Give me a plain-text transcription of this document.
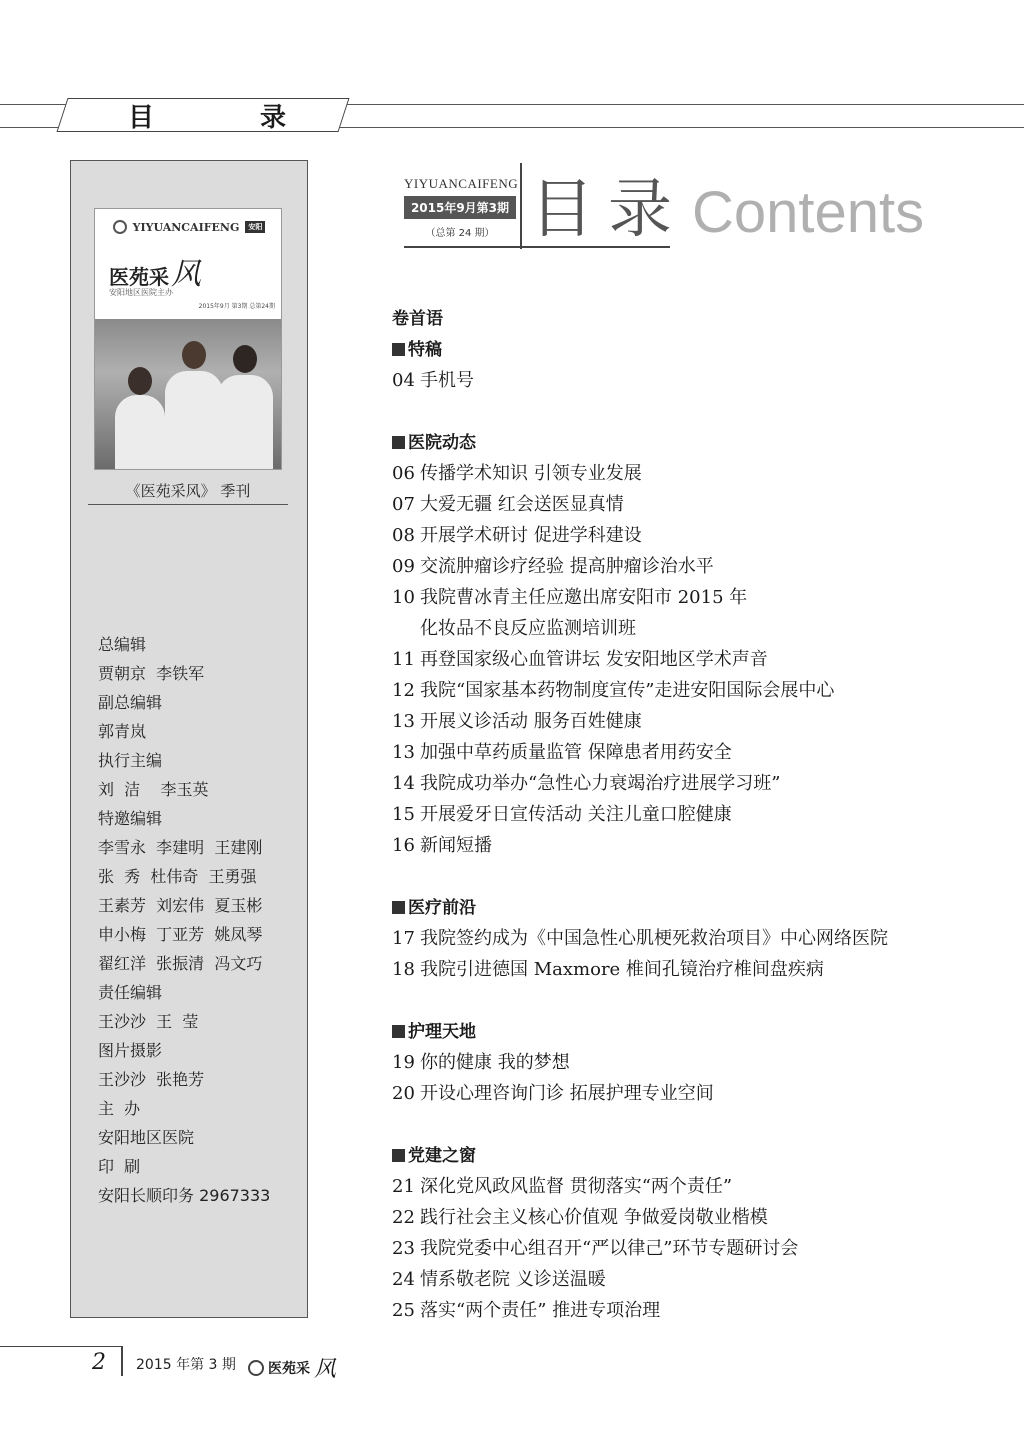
目	录
YIYUANCAIFENG	安阳
医苑采风
安阳地区医院主办
2015年9月 第3期 总第24期
《医苑采风》 季刊
总编辑
贾朝京  李铁军
副总编辑
郭青岚
执行主编
刘  洁    李玉英
特邀编辑
李雪永  李建明  王建刚
张  秀  杜伟奇  王勇强
王素芳  刘宏伟  夏玉彬
申小梅  丁亚芳  姚凤琴
翟红洋  张振清  冯文巧
责任编辑
王沙沙  王  莹
图片摄影
王沙沙  张艳芳
主  办
安阳地区医院
印  刷
安阳长顺印务 2967333
YIYUANCAIFENG
2015年9月第3期
（总第 24 期） 目录 Contents
卷首语
特稿
04 手机号
医院动态
06 传播学术知识 引领专业发展
07 大爱无疆 红会送医显真情
08 开展学术研讨 促进学科建设
09 交流肿瘤诊疗经验 提高肿瘤诊治水平
10 我院曹冰青主任应邀出席安阳市 2015 年
化妆品不良反应监测培训班
11 再登国家级心血管讲坛 发安阳地区学术声音
12 我院“国家基本药物制度宣传”走进安阳国际会展中心
13 开展义诊活动 服务百姓健康
13 加强中草药质量监管 保障患者用药安全
14 我院成功举办“急性心力衰竭治疗进展学习班”
15 开展爱牙日宣传活动 关注儿童口腔健康
16 新闻短播
医疗前沿
17 我院签约成为《中国急性心肌梗死救治项目》中心网络医院
18 我院引进德国 Maxmore 椎间孔镜治疗椎间盘疾病
护理天地
19 你的健康 我的梦想
20 开设心理咨询门诊 拓展护理专业空间
党建之窗
21 深化党风政风监督 贯彻落实“两个责任”
22 践行社会主义核心价值观 争做爱岗敬业楷模
23 我院党委中心组召开“严以律己”环节专题研讨会
24 情系敬老院 义诊送温暖
25 落实“两个责任” 推进专项治理
2 2015 年第 3 期 医苑采 风
